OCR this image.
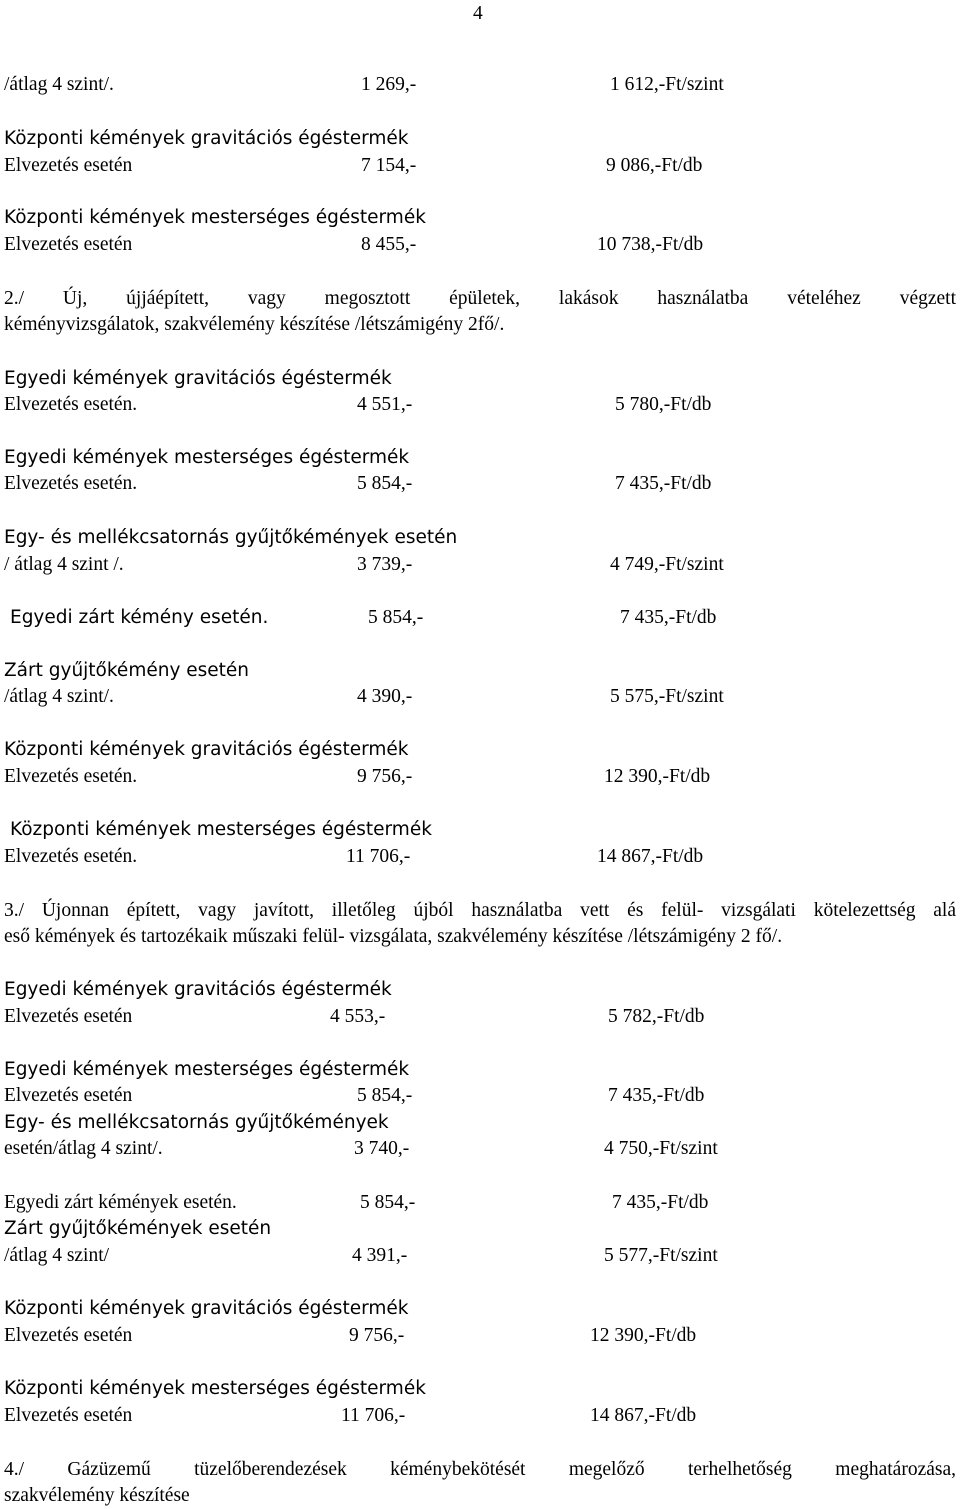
4
/átlag 4 szint/.	1 269,-	1 612,-Ft/szint
Központi kémények gravitációs égéstermék
Elvezetés esetén	7 154,-	9 086,-Ft/db
Központi kémények mesterséges égéstermék
Elvezetés esetén	8 455,-	10 738,-Ft/db
2./ Új, újjáépített, vagy megosztott épületek, lakások használatba vételéhez végzett
kéményvizsgálatok, szakvélemény készítése /létszámigény 2fő/.
Egyedi kémények gravitációs égéstermék
Elvezetés esetén.	4 551,-	5 780,-Ft/db
Egyedi kémények mesterséges égéstermék
Elvezetés esetén.	5 854,-	7 435,-Ft/db
Egy- és mellékcsatornás gyűjtőkémények esetén
/ átlag 4 szint /.	3 739,-	4 749,-Ft/szint
Egyedi zárt kémény esetén.	5 854,-	7 435,-Ft/db
Zárt gyűjtőkémény esetén
/átlag 4 szint/.	4 390,-	5 575,-Ft/szint
Központi kémények gravitációs égéstermék
Elvezetés esetén.	9 756,-	12 390,-Ft/db
Központi kémények mesterséges égéstermék
Elvezetés esetén.	11 706,-	14 867,-Ft/db
3./ Újonnan épített, vagy javított, illetőleg újból használatba vett és felül- vizsgálati kötelezettség alá
eső kémények és tartozékaik műszaki felül- vizsgálata, szakvélemény készítése /létszámigény 2 fő/.
Egyedi kémények gravitációs égéstermék
Elvezetés esetén	4 553,-	5 782,-Ft/db
Egyedi kémények mesterséges égéstermék
Elvezetés esetén	5 854,-	7 435,-Ft/db
Egy- és mellékcsatornás gyűjtőkémények
esetén/átlag 4 szint/.	3 740,-	4 750,-Ft/szint
Egyedi zárt kémények esetén.	5 854,-	7 435,-Ft/db
Zárt gyűjtőkémények esetén
/átlag 4 szint/	4 391,-	5 577,-Ft/szint
Központi kémények gravitációs égéstermék
Elvezetés esetén	9 756,-	12 390,-Ft/db
Központi kémények mesterséges égéstermék
Elvezetés esetén	11 706,-	14 867,-Ft/db
4./ Gázüzemű tüzelőberendezések kéménybekötését megelőző terhelhetőség meghatározása,
szakvélemény készítése
